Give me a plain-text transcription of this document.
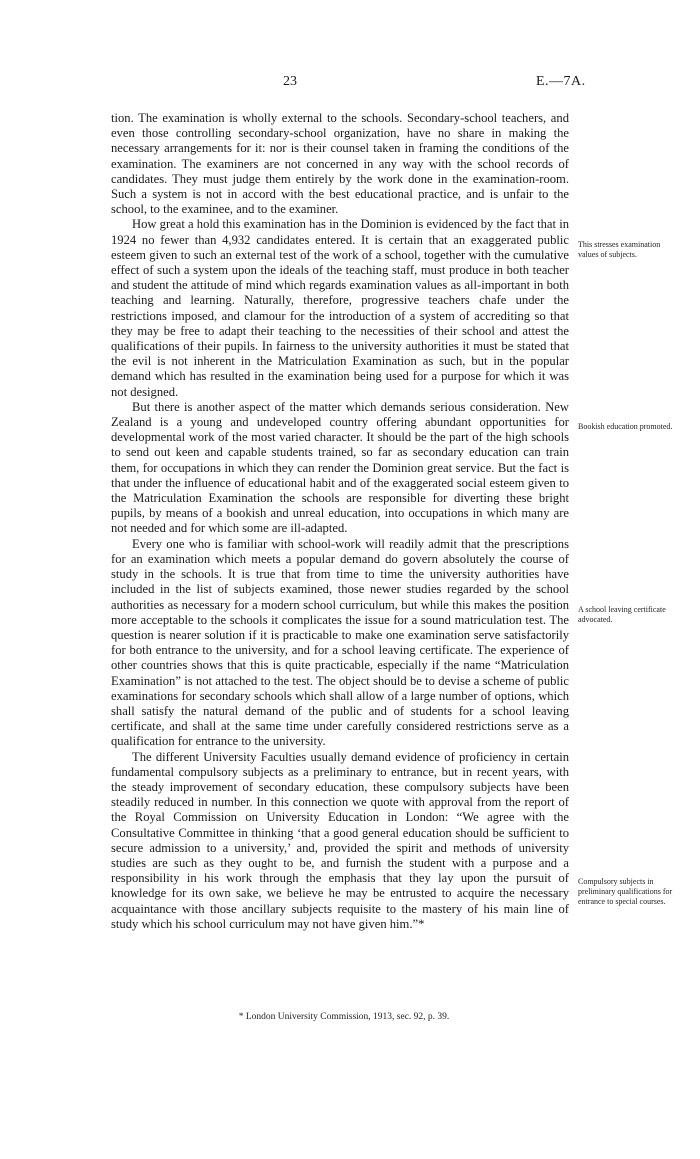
23	E.—7A.

tion. The examination is wholly external to the schools. Secondary-school teachers, and even those controlling secondary-school organization, have no share in making the necessary arrangements for it: nor is their counsel taken in framing the conditions of the examination. The examiners are not concerned in any way with the school records of candidates. They must judge them entirely by the work done in the examination-room. Such a system is not in accord with the best educational practice, and is unfair to the school, to the examinee, and to the examiner.

How great a hold this examination has in the Dominion is evidenced by the fact that in 1924 no fewer than 4,932 candidates entered. It is certain that an exaggerated public esteem given to such an external test of the work of a school, together with the cumulative effect of such a system upon the ideals of the teaching staff, must produce in both teacher and student the attitude of mind which regards examination values as all-important in both teaching and learning. Naturally, therefore, progressive teachers chafe under the restrictions imposed, and clamour for the introduction of a system of accrediting so that they may be free to adapt their teaching to the necessities of their school and attest the qualifications of their pupils. In fairness to the university authorities it must be stated that the evil is not inherent in the Matriculation Examination as such, but in the popular demand which has resulted in the examination being used for a purpose for which it was not designed.

But there is another aspect of the matter which demands serious consideration. New Zealand is a young and undeveloped country offering abundant opportunities for developmental work of the most varied character. It should be the part of the high schools to send out keen and capable students trained, so far as secondary education can train them, for occupations in which they can render the Dominion great service. But the fact is that under the influence of educational habit and of the exaggerated social esteem given to the Matriculation Examination the schools are responsible for diverting these bright pupils, by means of a bookish and unreal education, into occupations in which many are not needed and for which some are ill-adapted.

Every one who is familiar with school-work will readily admit that the prescriptions for an examination which meets a popular demand do govern absolutely the course of study in the schools. It is true that from time to time the university authorities have included in the list of subjects examined, those newer studies regarded by the school authorities as necessary for a modern school curriculum, but while this makes the position more acceptable to the schools it complicates the issue for a sound matriculation test. The question is nearer solution if it is practicable to make one examination serve satisfactorily for both entrance to the university, and for a school leaving certificate. The experience of other countries shows that this is quite practicable, especially if the name “Matriculation Examination” is not attached to the test. The object should be to devise a scheme of public examinations for secondary schools which shall allow of a large number of options, which shall satisfy the natural demand of the public and of students for a school leaving certificate, and shall at the same time under carefully considered restrictions serve as a qualification for entrance to the university.

The different University Faculties usually demand evidence of proficiency in certain fundamental compulsory subjects as a preliminary to entrance, but in recent years, with the steady improvement of secondary education, these compulsory subjects have been steadily reduced in number. In this connection we quote with approval from the report of the Royal Commission on University Education in London: “We agree with the Consultative Committee in thinking ‘that a good general education should be sufficient to secure admission to a university,’ and, provided the spirit and methods of university studies are such as they ought to be, and furnish the student with a purpose and a responsibility in his work through the emphasis that they lay upon the pursuit of knowledge for its own sake, we believe he may be entrusted to acquire the necessary acquaintance with those ancillary subjects requisite to the mastery of his main line of study which his school curriculum may not have given him.”*

This stresses examination values of subjects.
Bookish education promoted.
A school leaving certificate advocated.
Compulsory subjects in preliminary qualifications for entrance to special courses.
* London University Commission, 1913, sec. 92, p. 39.
